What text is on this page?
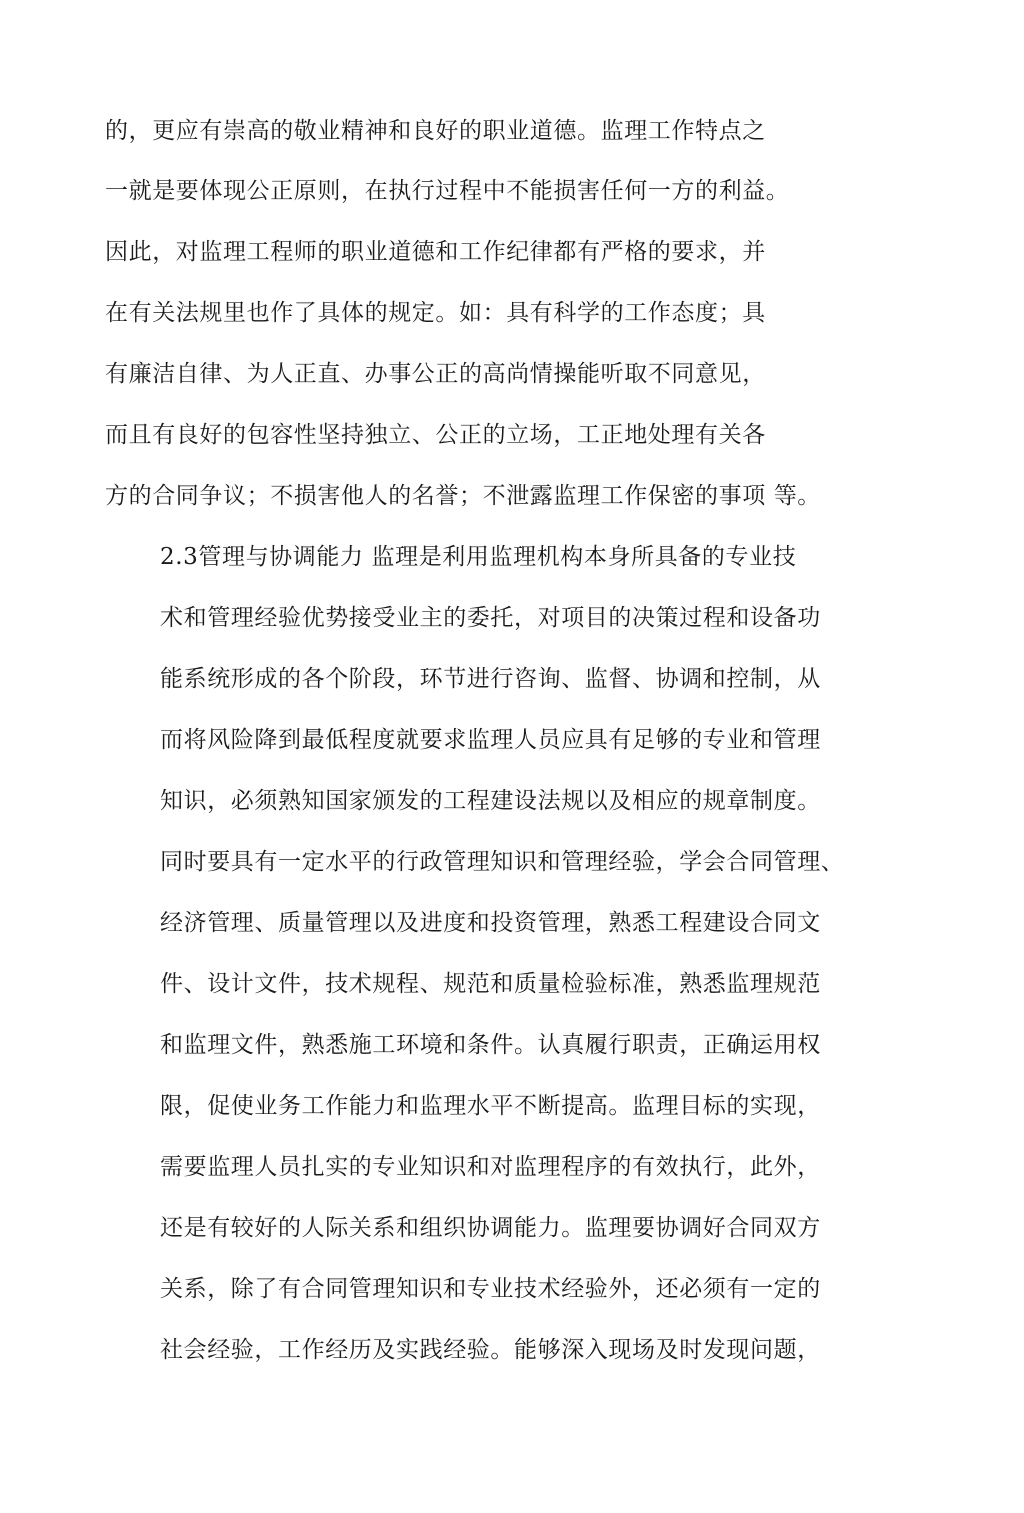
的，更应有崇高的敬业精神和良好的职业道德。监理工作特点之
一就是要体现公正原则，在执行过程中不能损害任何一方的利益。
因此，对监理工程师的职业道德和工作纪律都有严格的要求，并
在有关法规里也作了具体的规定。如：具有科学的工作态度；具
有廉洁自律、为人正直、办事公正的高尚情操能听取不同意见，
而且有良好的包容性坚持独立、公正的立场，工正地处理有关各
方的合同争议；不损害他人的名誉；不泄露监理工作保密的事项 等。
2.3管理与协调能力 监理是利用监理机构本身所具备的专业技
术和管理经验优势接受业主的委托，对项目的决策过程和设备功
能系统形成的各个阶段，环节进行咨询、监督、协调和控制，从
而将风险降到最低程度就要求监理人员应具有足够的专业和管理
知识，必须熟知国家颁发的工程建设法规以及相应的规章制度。
同时要具有一定水平的行政管理知识和管理经验，学会合同管理、
经济管理、质量管理以及进度和投资管理，熟悉工程建设合同文
件、设计文件，技术规程、规范和质量检验标准，熟悉监理规范
和监理文件，熟悉施工环境和条件。认真履行职责，正确运用权
限，促使业务工作能力和监理水平不断提高。监理目标的实现，
需要监理人员扎实的专业知识和对监理程序的有效执行，此外，
还是有较好的人际关系和组织协调能力。监理要协调好合同双方
关系，除了有合同管理知识和专业技术经验外，还必须有一定的
社会经验，工作经历及实践经验。能够深入现场及时发现问题，
